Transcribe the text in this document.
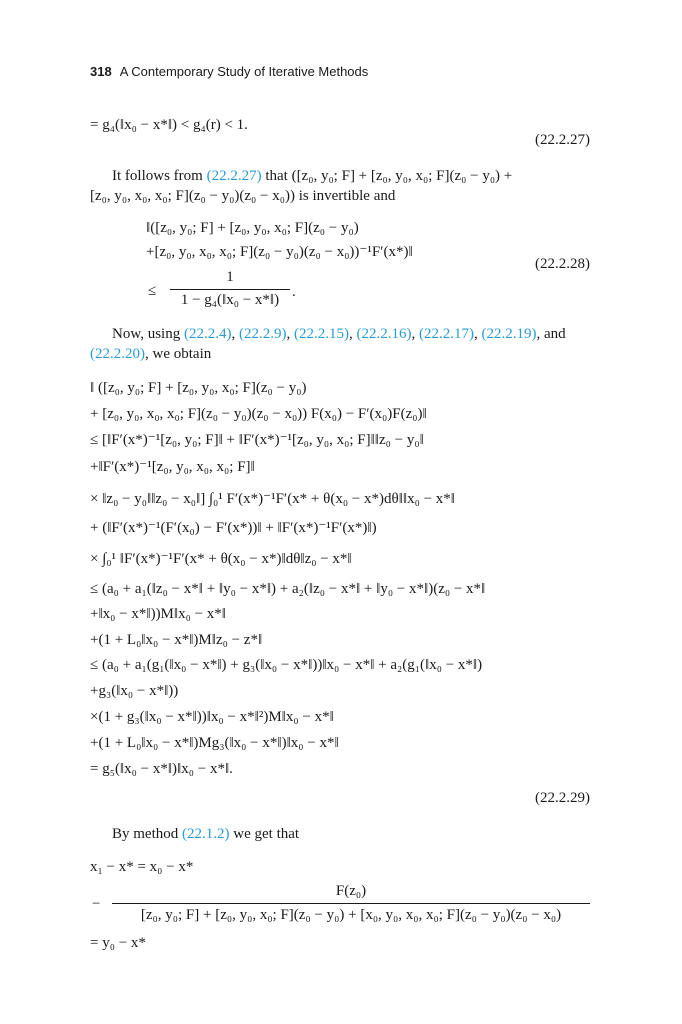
318 A Contemporary Study of Iterative Methods
= g₄(‖x₀ − x*‖) < g₄(r) < 1.
(22.2.27)
It follows from (22.2.27) that ([z₀, y₀; F] + [z₀, y₀, x₀; F](z₀ − y₀) +
[z₀, y₀, x₀, x₀; F](z₀ − y₀)(z₀ − x₀)) is invertible and
‖([z₀, y₀; F] + [z₀, y₀, x₀; F](z₀ − y₀)
+[z₀, y₀, x₀, x₀; F](z₀ − y₀)(z₀ − x₀))⁻¹F′(x*)‖
(22.2.28)
1
≤
1 − g₄(‖x₀ − x*‖) .
Now, using (22.2.4), (22.2.9), (22.2.15), (22.2.16), (22.2.17), (22.2.19), and
(22.2.20), we obtain
‖ ([z₀, y₀; F] + [z₀, y₀, x₀; F](z₀ − y₀)
+ [z₀, y₀, x₀, x₀; F](z₀ − y₀)(z₀ − x₀)) F(x₀) − F′(x₀)F(z₀)‖
≤ [‖F′(x*)⁻¹[z₀, y₀; F]‖ + ‖F′(x*)⁻¹[z₀, y₀, x₀; F]‖‖z₀ − y₀‖
+‖F′(x*)⁻¹[z₀, y₀, x₀, x₀; F]‖
× ‖z₀ − y₀‖‖z₀ − x₀‖] ∫₀¹ F′(x*)⁻¹F′(x* + θ(x₀ − x*)dθ‖‖x₀ − x*‖
+ (‖F′(x*)⁻¹(F′(x₀) − F′(x*))‖ + ‖F′(x*)⁻¹F′(x*)‖)
× ∫₀¹ ‖F′(x*)⁻¹F′(x* + θ(x₀ − x*)‖dθ‖z₀ − x*‖
≤ (a₀ + a₁(‖z₀ − x*‖ + ‖y₀ − x*‖) + a₂(‖z₀ − x*‖ + ‖y₀ − x*‖)(z₀ − x*‖
+‖x₀ − x*‖))M‖x₀ − x*‖
+(1 + L₀‖x₀ − x*‖)M‖z₀ − z*‖
≤ (a₀ + a₁(g₁(‖x₀ − x*‖) + g₃(‖x₀ − x*‖))‖x₀ − x*‖ + a₂(g₁(‖x₀ − x*‖)
+g₃(‖x₀ − x*‖))
×(1 + g₃(‖x₀ − x*‖))‖x₀ − x*‖²)M‖x₀ − x*‖
+(1 + L₀‖x₀ − x*‖)Mg₃(‖x₀ − x*‖)‖x₀ − x*‖
= g₅(‖x₀ − x*‖)‖x₀ − x*‖.
(22.2.29)
By method (22.1.2) we get that
x₁ − x* = x₀ − x*
F(z₀)
−
[z₀, y₀; F] + [z₀, y₀, x₀; F](z₀ − y₀) + [x₀, y₀, x₀, x₀; F](z₀ − y₀)(z₀ − x₀)
= y₀ − x*
